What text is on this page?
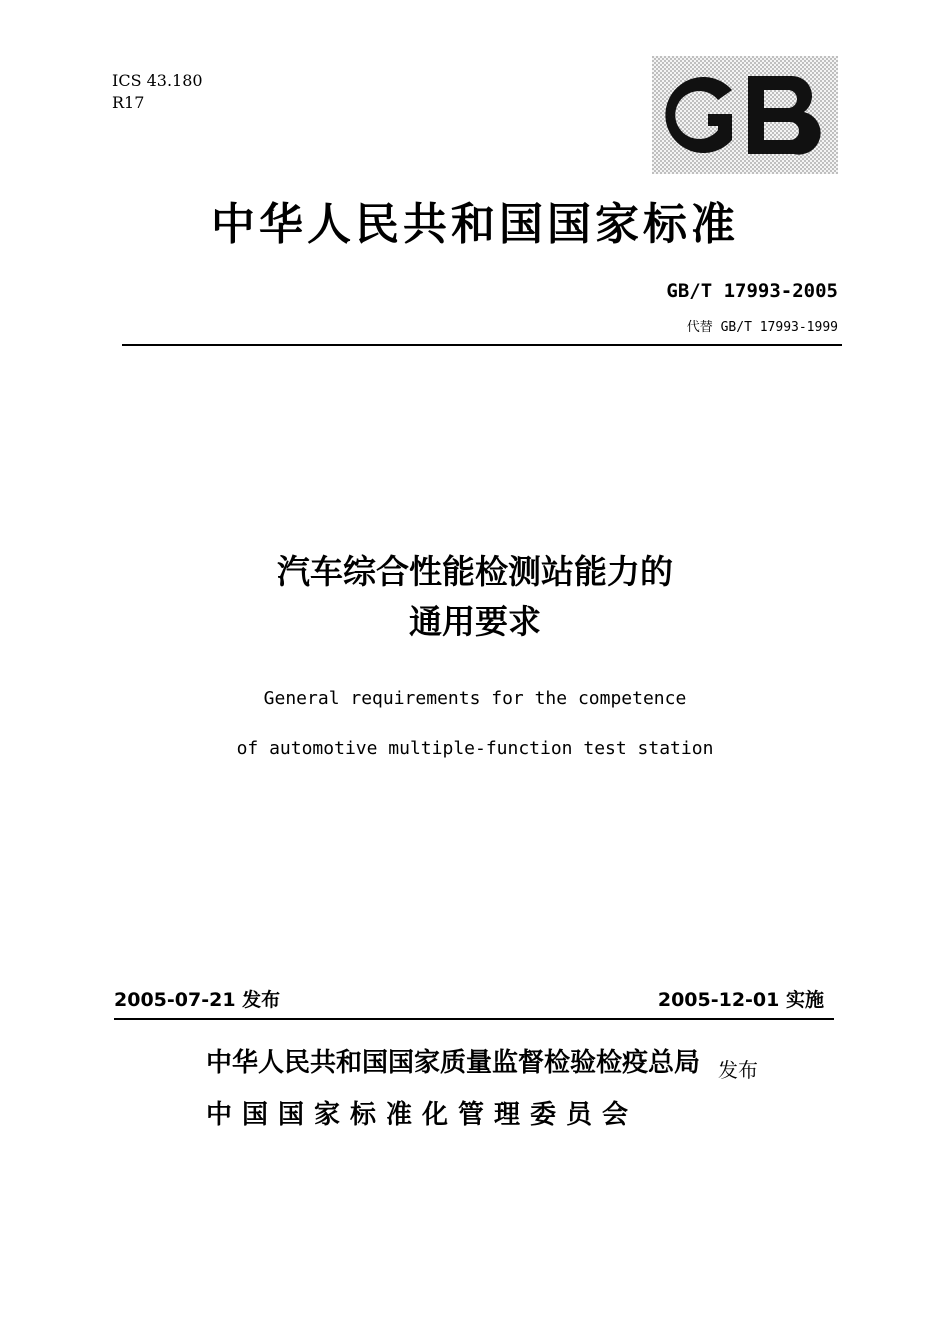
ICS 43.180
R17
中华人民共和国国家标准
GB/T 17993-2005
代替 GB/T 17993-1999
汽车综合性能检测站能力的
通用要求
General requirements for the competence
of automotive multiple-function test station
2005-07-21 发布	2005-12-01 实施
中华人民共和国国家质量监督检验检疫总局
中国国家标准化管理委员会
发布
